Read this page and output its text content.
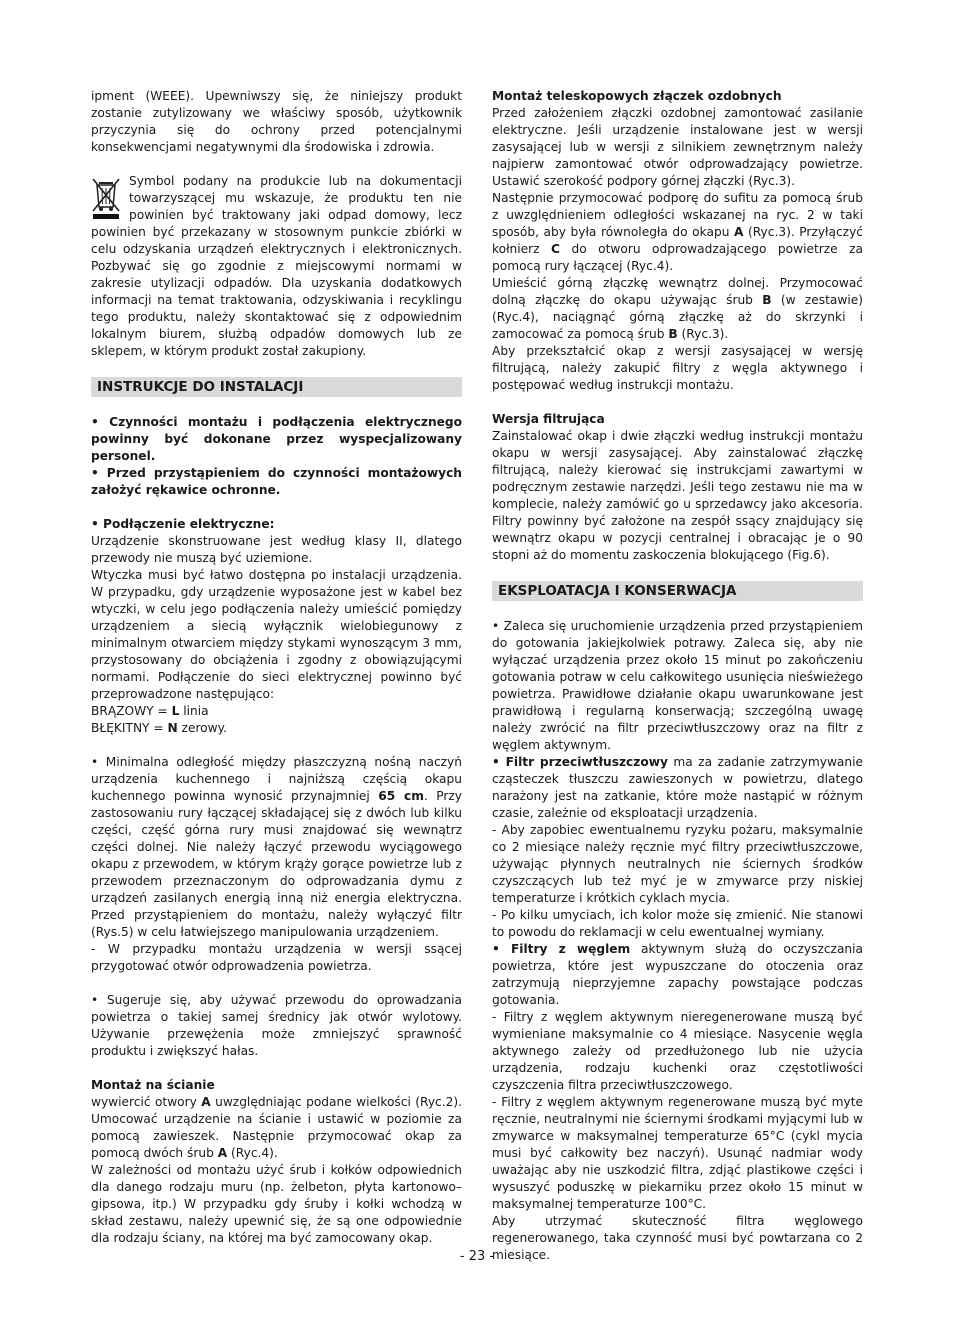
ipment (WEEE). Upewniwszy się, że niniejszy produkt zostanie zutylizowany we właściwy sposób, użytkownik przyczynia się do ochrony przed potencjalnymi konsekwencjami negatywnymi dla środowiska i zdrowia.

Symbol podany na produkcie lub na dokumentacji towarzyszącej mu wskazuje, że produktu ten nie powinien być traktowany jaki odpad domowy, lecz powinien być przekazany w stosownym punkcie zbiórki w celu odzyskania urządzeń elektrycznych i elektronicznych. Pozbywać się go zgodnie z miejscowymi normami w zakresie utylizacji odpadów. Dla uzyskania dodatkowych informacji na temat traktowania, odzyskiwania i recyklingu tego produktu, należy skontaktować się z odpowiednim lokalnym biurem, służbą odpadów domowych lub ze sklepem, w którym produkt został zakupiony.

INSTRUKCJE DO INSTALACJI

• Czynności montażu i podłączenia elektrycznego powinny być dokonane przez wyspecjalizowany personel.

• Przed przystąpieniem do czynności montażowych założyć rękawice ochronne.

• Podłączenie elektryczne:

Urządzenie skonstruowane jest według klasy II, dlatego przewody nie muszą być uziemione.

Wtyczka musi być łatwo dostępna po instalacji urządzenia. W przypadku, gdy urządzenie wyposażone jest w kabel bez wtyczki, w celu jego podłączenia należy umieścić pomiędzy urządzeniem a siecią wyłącznik wielobiegunowy z minimalnym otwarciem między stykami wynoszącym 3 mm, przystosowany do obciążenia i zgodny z obowiązującymi normami. Podłączenie do sieci elektrycznej powinno być przeprowadzone następująco:

BRĄZOWY = L linia

BŁĘKITNY = N zerowy.

• Minimalna odległość między płaszczyzną nośną naczyń urządzenia kuchennego i najniższą częścią okapu kuchennego powinna wynosić przynajmniej 65 cm. Przy zastosowaniu rury łączącej składającej się z dwóch lub kilku części, część górna rury musi znajdować się wewnątrz części dolnej. Nie należy łączyć przewodu wyciągowego okapu z przewodem, w którym krąży gorące powietrze lub z przewodem przeznaczonym do odprowadzania dymu z urządzeń zasilanych energią inną niż energia elektryczna. Przed przystąpieniem do montażu, należy wyłączyć filtr (Rys.5) w celu łatwiejszego manipulowania urządzeniem.

- W przypadku montażu urządzenia w wersji ssącej przygotować otwór odprowadzenia powietrza.

• Sugeruje się, aby używać przewodu do oprowadzania powietrza o takiej samej średnicy jak otwór wylotowy. Używanie przewężenia może zmniejszyć sprawność produktu i zwiększyć hałas.

Montaż na ścianie

wywiercić otwory A uwzględniając podane wielkości (Ryc.2). Umocować urządzenie na ścianie i ustawić w poziomie za pomocą zawieszek. Następnie przymocować okap za pomocą dwóch śrub A (Ryc.4).

W zależności od montażu użyć śrub i kołków odpowiednich dla danego rodzaju muru (np. żelbeton, płyta kartonowo–gipsowa, itp.) W przypadku gdy śruby i kołki wchodzą w skład zestawu, należy upewnić się, że są one odpowiednie dla rodzaju ściany, na której ma być zamocowany okap.

Montaż teleskopowych złączek ozdobnych

Przed założeniem złączki ozdobnej zamontować zasilanie elektryczne. Jeśli urządzenie instalowane jest w wersji zasysającej lub w wersji z silnikiem zewnętrznym należy najpierw zamontować otwór odprowadzający powietrze. Ustawić szerokość podpory górnej złączki (Ryc.3).

Następnie przymocować podporę do sufitu za pomocą śrub z uwzględnieniem odległości wskazanej na ryc. 2 w taki sposób, aby była równoległa do okapu A (Ryc.3). Przyłączyć kołnierz C do otworu odprowadzającego powietrze za pomocą rury łączącej (Ryc.4).

Umieścić górną złączkę wewnątrz dolnej. Przymocować dolną złączkę do okapu używając śrub B (w zestawie) (Ryc.4), naciągnąć górną złączkę aż do skrzynki i zamocować za pomocą śrub B (Ryc.3).

Aby przekształcić okap z wersji zasysającej w wersję filtrującą, należy zakupić filtry z węgla aktywnego i postępować według instrukcji montażu.

Wersja filtrująca

Zainstalować okap i dwie złączki według instrukcji montażu okapu w wersji zasysającej. Aby zainstalować złączkę filtrującą, należy kierować się instrukcjami zawartymi w podręcznym zestawie narzędzi. Jeśli tego zestawu nie ma w komplecie, należy zamówić go u sprzedawcy jako akcesoria. Filtry powinny być założone na zespół ssący znajdujący się wewnątrz okapu w pozycji centralnej i obracając je o 90 stopni aż do momentu zaskoczenia blokującego (Fig.6).

EKSPLOATACJA I KONSERWACJA

• Zaleca się uruchomienie urządzenia przed przystąpieniem do gotowania jakiejkolwiek potrawy. Zaleca się, aby nie wyłączać urządzenia przez około 15 minut po zakończeniu gotowania potraw w celu całkowitego usunięcia nieświeżego powietrza. Prawidłowe działanie okapu uwarunkowane jest prawidłową i regularną konserwacją; szczególną uwagę należy zwrócić na filtr przeciwtłuszczowy oraz na filtr z węglem aktywnym.

• Filtr przeciwtłuszczowy ma za zadanie zatrzymywanie cząsteczek tłuszczu zawieszonych w powietrzu, dlatego narażony jest na zatkanie, które może nastąpić w różnym czasie, zależnie od eksploatacji urządzenia.

- Aby zapobiec ewentualnemu ryzyku pożaru, maksymalnie co 2 miesiące należy ręcznie myć filtry przeciwtłuszczowe, używając płynnych neutralnych nie ściernych środków czyszczących lub też myć je w zmywarce przy niskiej temperaturze i krótkich cyklach mycia.

- Po kilku umyciach, ich kolor może się zmienić. Nie stanowi to powodu do reklamacji w celu ewentualnej wymiany.

• Filtry z węglem aktywnym służą do oczyszczania powietrza, które jest wypuszczane do otoczenia oraz zatrzymują nieprzyjemne zapachy powstające podczas gotowania.

- Filtry z węglem aktywnym nieregenerowane muszą być wymieniane maksymalnie co 4 miesiące. Nasycenie węgla aktywnego zależy od przedłużonego lub nie użycia urządzenia, rodzaju kuchenki oraz częstotliwości czyszczenia filtra przeciwtłuszczowego.

- Filtry z węglem aktywnym regenerowane muszą być myte ręcznie, neutralnymi nie ściernymi środkami myjącymi lub w zmywarce w maksymalnej temperaturze 65°C (cykl mycia musi być całkowity bez naczyń). Usunąć nadmiar wody uważając aby nie uszkodzić filtra, zdjąć plastikowe części i wysuszyć poduszkę w piekarniku przez około 15 minut w maksymalnej temperaturze 100°C.

Aby utrzymać skuteczność filtra węglowego regenerowanego, taka czynność musi być powtarzana co 2 miesiące.

- 23 -
